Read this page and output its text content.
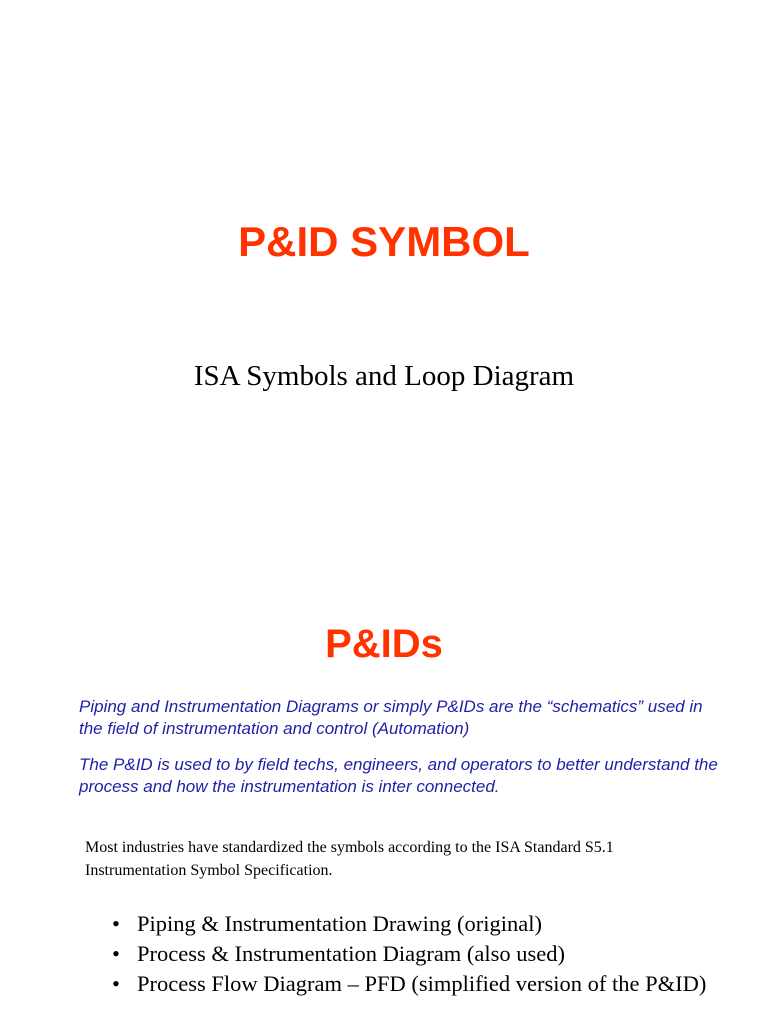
P&ID SYMBOL

ISA Symbols and Loop Diagram

P&IDs

Piping and Instrumentation Diagrams or simply P&IDs are the “schematics” used in the field of instrumentation and control (Automation)

The P&ID is used to by field techs, engineers, and operators to better understand the process and how the instrumentation is inter connected.

Most industries have standardized the symbols according to the ISA Standard S5.1 Instrumentation Symbol Specification.

• Piping & Instrumentation Drawing (original)
• Process & Instrumentation Diagram (also used)
• Process Flow Diagram – PFD (simplified version of the P&ID)
